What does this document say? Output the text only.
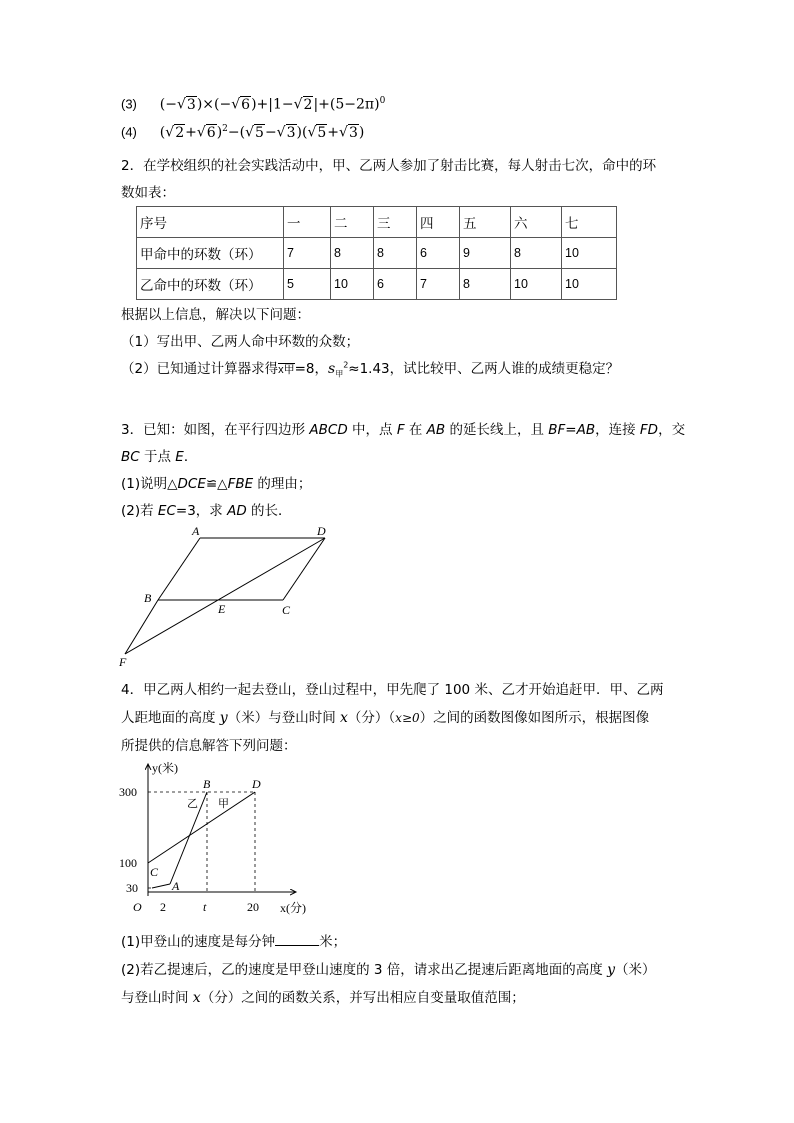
(3) $(-√3)\times(-√6)+|1-√2|+(5-2\pi)^0$
(4) $(√2+√6)^2-(√5-√3)(√5+√3)$
2．在学校组织的社会实践活动中，甲、乙两人参加了射击比赛，每人射击七次，命中的环
数如表：
序号	一	二	三	四	五	六	七
甲命中的环数（环）	7	8	8	6	9	8	10
乙命中的环数（环）	5	10	6	7	8	10	10
根据以上信息，解决以下问题：
（1）写出甲、乙两人命中环数的众数；
（2）已知通过计算器求得x甲=8，$s_甲^2\approx 1.43$，试比较甲、乙两人谁的成绩更稳定？
3．已知：如图，在平行四边形 ABCD 中，点 F 在 AB 的延长线上，且 BF=AB，连接 FD，交
BC 于点 E．
(1)说明△DCE≌△FBE 的理由；
(2)若 EC=3，求 AD 的长．
A	D
B
E	C
F
4．甲乙两人相约一起去登山，登山过程中，甲先爬了 100 米、乙才开始追赶甲．甲、乙两
人距地面的高度 y（米）与登山时间 x（分）（x≥0）之间的函数图像如图所示，根据图像
所提供的信息解答下列问题：
y(米)
x(分)
300
100
30
O 2	t	20
A
B
C
D
乙 甲
(1)甲登山的速度是每分钟	米；
(2)若乙提速后，乙的速度是甲登山速度的 3 倍，请求出乙提速后距离地面的高度 y（米）
与登山时间 x（分）之间的函数关系，并写出相应自变量取值范围；
